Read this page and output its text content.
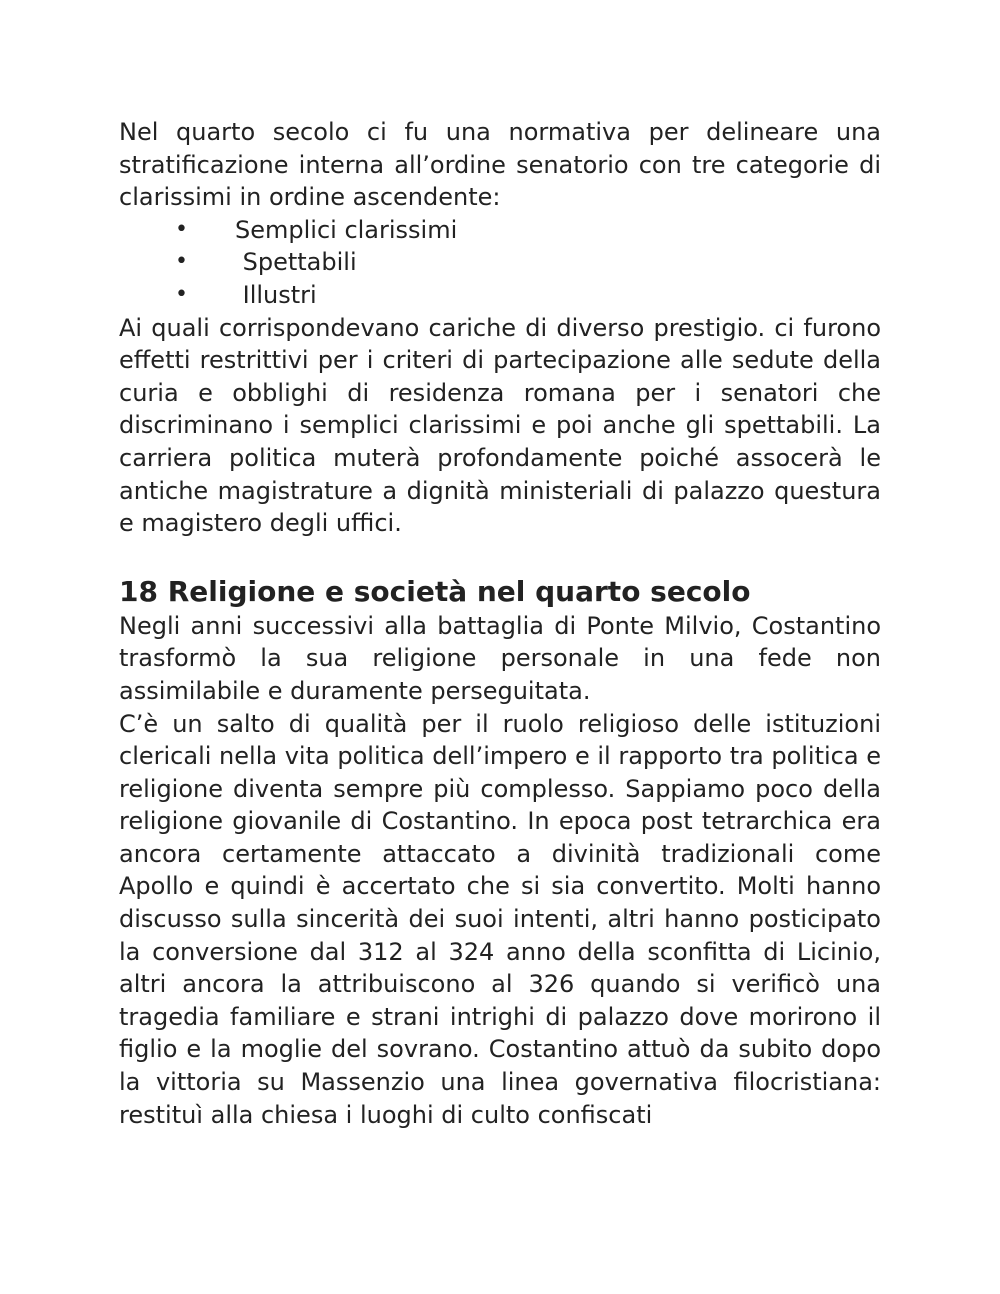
Nel quarto secolo ci fu una normativa per delineare una stratificazione interna all’ordine senatorio con tre categorie di clarissimi in ordine ascendente:

• Semplici clarissimi
• Spettabili
• Illustri

Ai quali corrispondevano cariche di diverso prestigio. ci furono effetti restrittivi per i criteri di partecipazione alle sedute della curia e obblighi di residenza romana per i senatori che discriminano i semplici clarissimi e poi anche gli spettabili. La carriera politica muterà profondamente poiché assocerà le antiche magistrature a dignità ministeriali di palazzo questura e magistero degli uffici.

18 Religione e società nel quarto secolo

Negli anni successivi alla battaglia di Ponte Milvio, Costantino trasformò la sua religione personale in una fede non assimilabile e duramente perseguitata.

C’è un salto di qualità per il ruolo religioso delle istituzioni clericali nella vita politica dell’impero e il rapporto tra politica e religione diventa sempre più complesso. Sappiamo poco della religione giovanile di Costantino. In epoca post tetrarchica era ancora certamente attaccato a divinità tradizionali come Apollo e quindi è accertato che si sia convertito. Molti hanno discusso sulla sincerità dei suoi intenti, altri hanno posticipato la conversione dal 312 al 324 anno della sconfitta di Licinio, altri ancora la attribuiscono al 326 quando si verificò una tragedia familiare e strani intrighi di palazzo dove morirono il figlio e la moglie del sovrano. Costantino attuò da subito dopo la vittoria su Massenzio una linea governativa filocristiana: restituì alla chiesa i luoghi di culto confiscati
